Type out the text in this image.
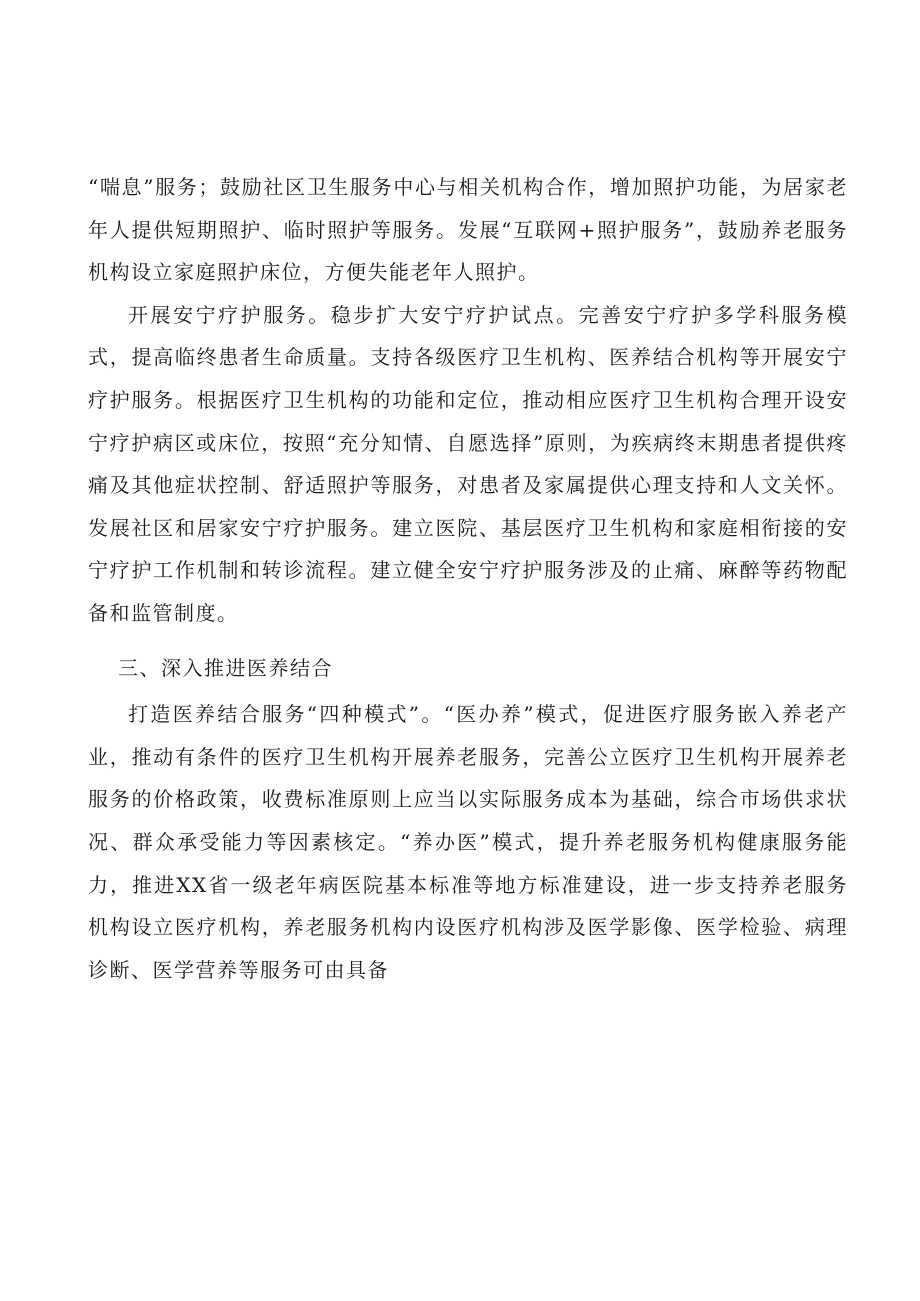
“喘息”服务；鼓励社区卫生服务中心与相关机构合作，增加照护功能，为居家老年人提供短期照护、临时照护等服务。发展“互联网+照护服务”，鼓励养老服务机构设立家庭照护床位，方便失能老年人照护。

开展安宁疗护服务。稳步扩大安宁疗护试点。完善安宁疗护多学科服务模式，提高临终患者生命质量。支持各级医疗卫生机构、医养结合机构等开展安宁疗护服务。根据医疗卫生机构的功能和定位，推动相应医疗卫生机构合理开设安宁疗护病区或床位，按照“充分知情、自愿选择”原则，为疾病终末期患者提供疼痛及其他症状控制、舒适照护等服务，对患者及家属提供心理支持和人文关怀。发展社区和居家安宁疗护服务。建立医院、基层医疗卫生机构和家庭相衔接的安宁疗护工作机制和转诊流程。建立健全安宁疗护服务涉及的止痛、麻醉等药物配备和监管制度。

三、深入推进医养结合

打造医养结合服务“四种模式”。“医办养”模式，促进医疗服务嵌入养老产业，推动有条件的医疗卫生机构开展养老服务，完善公立医疗卫生机构开展养老服务的价格政策，收费标准原则上应当以实际服务成本为基础，综合市场供求状况、群众承受能力等因素核定。“养办医”模式，提升养老服务机构健康服务能力，推进XX省一级老年病医院基本标准等地方标准建设，进一步支持养老服务机构设立医疗机构，养老服务机构内设医疗机构涉及医学影像、医学检验、病理诊断、医学营养等服务可由具备
